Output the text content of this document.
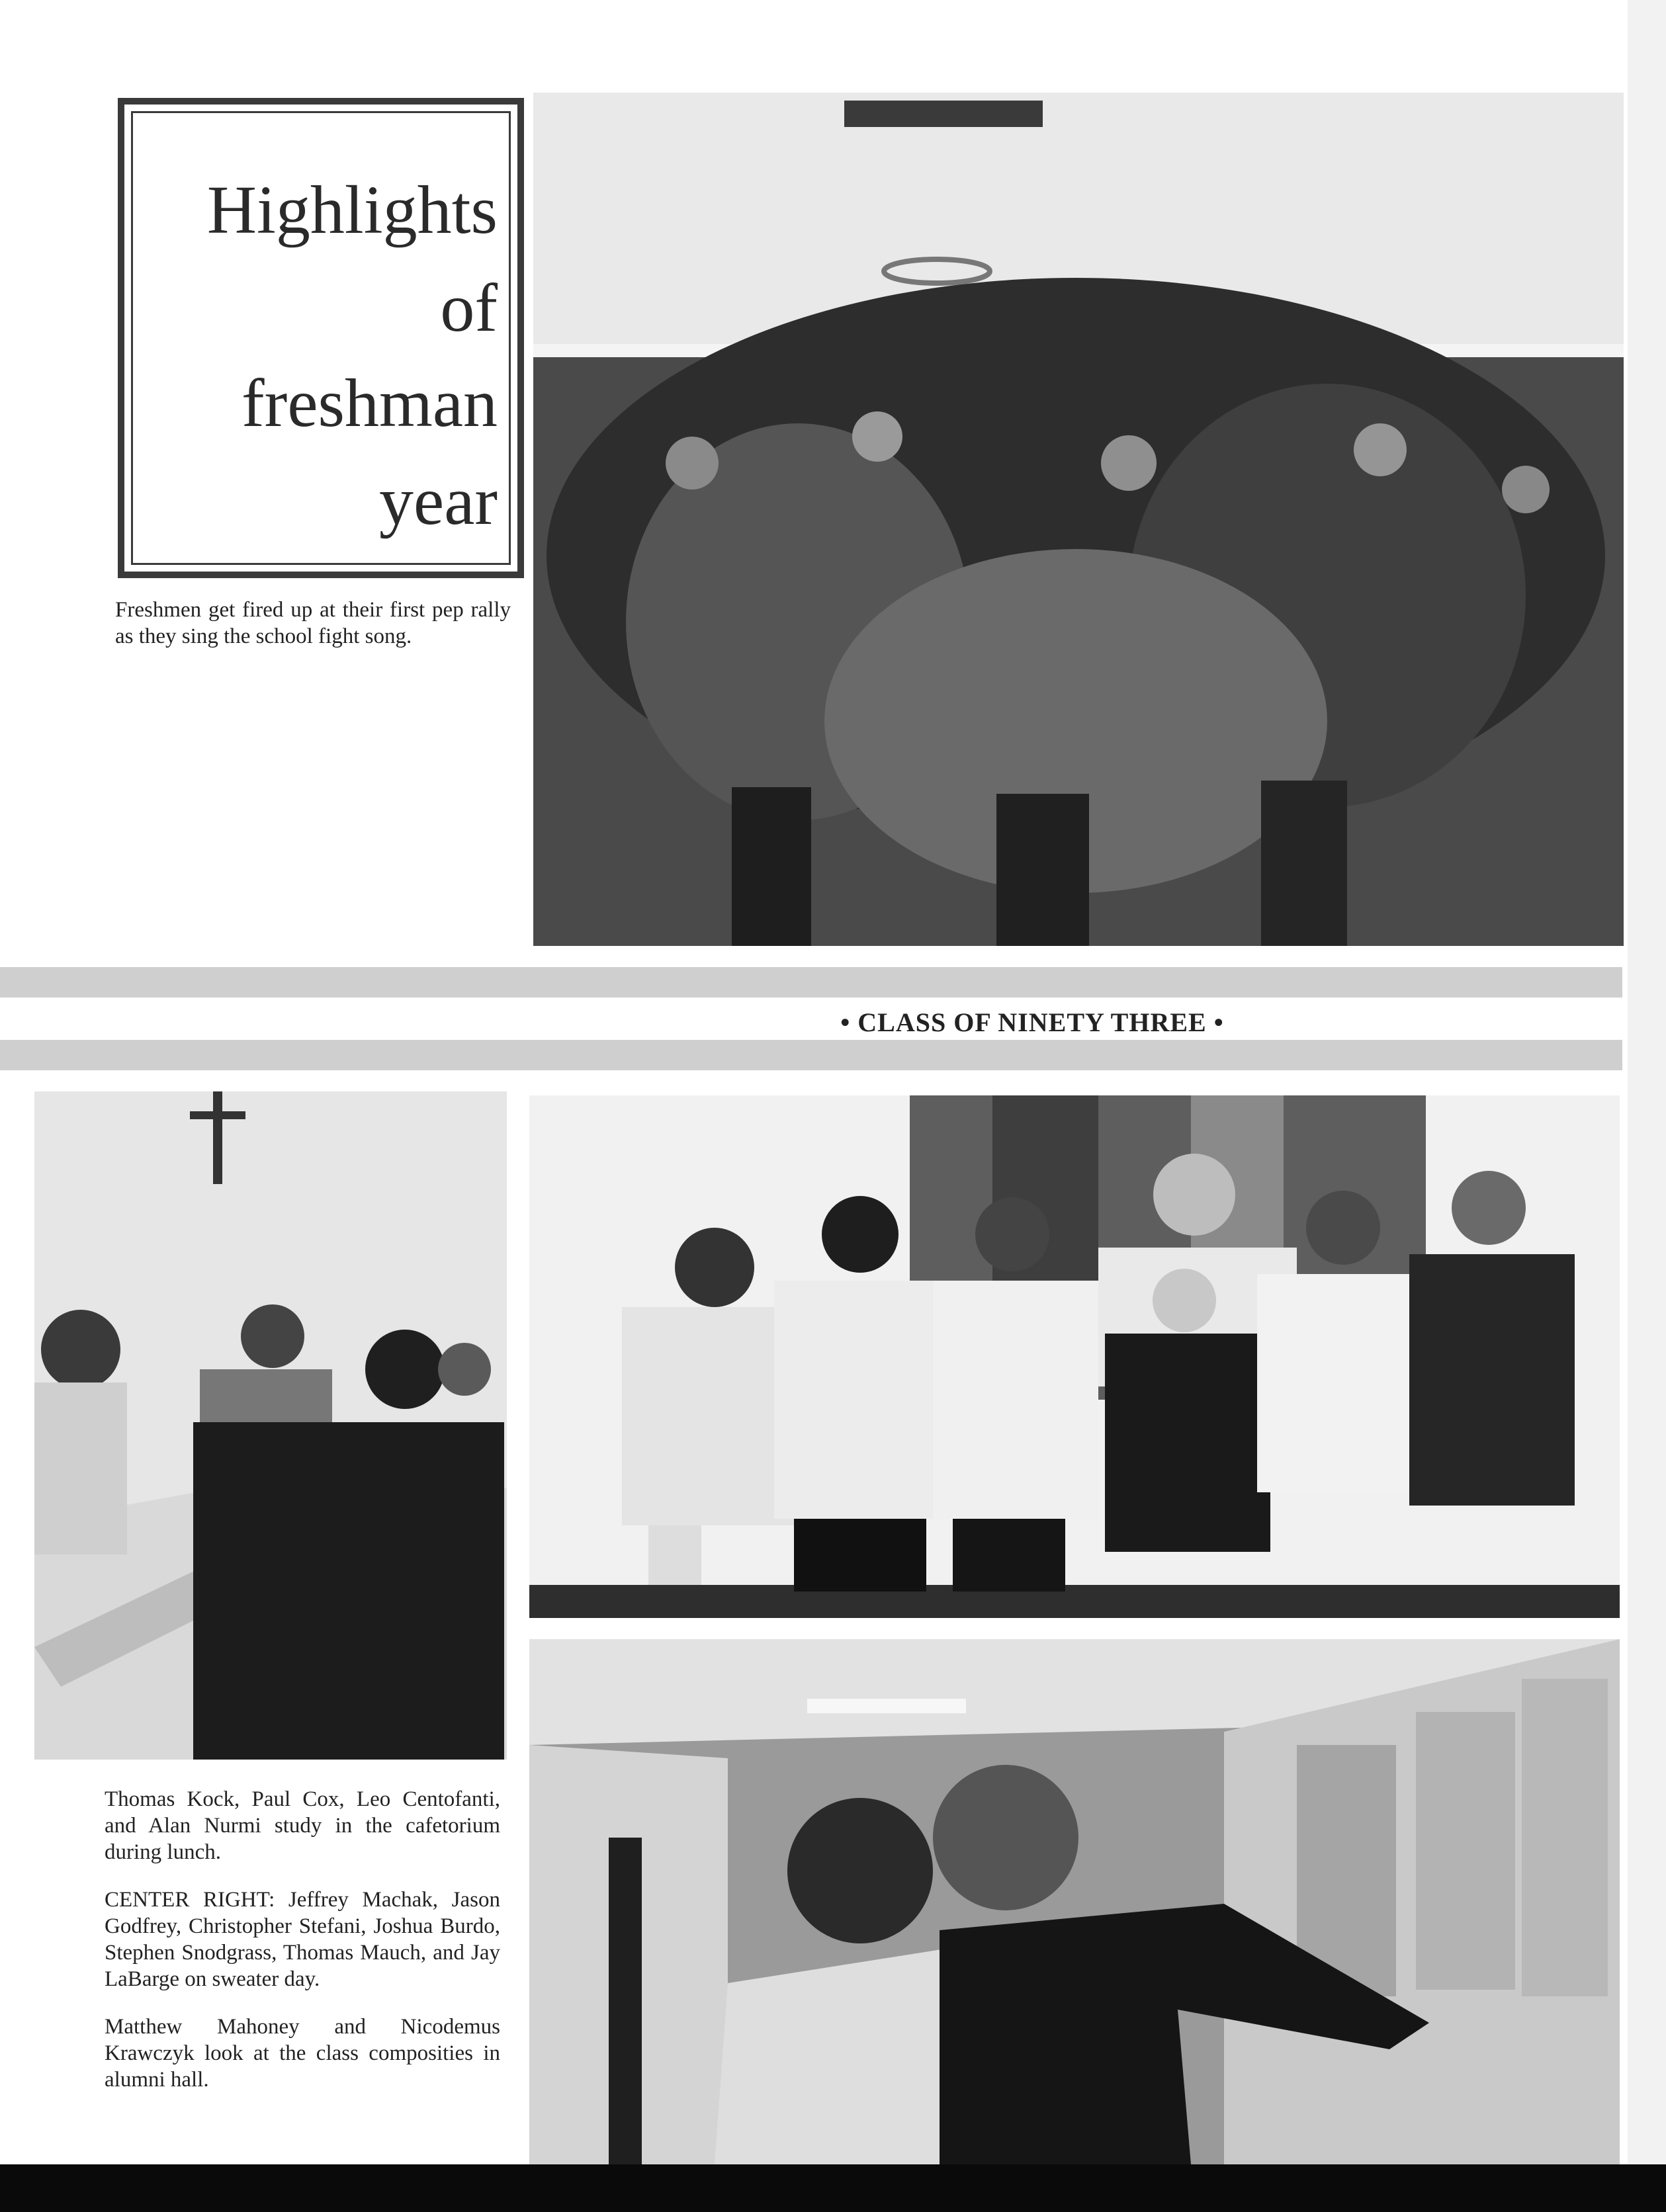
Highlights
of
freshman
year
Freshmen get fired up at their first pep rally as they sing the school fight song.
• CLASS OF NINETY THREE •
Thomas Kock, Paul Cox, Leo Centofanti, and Alan Nurmi study in the cafetorium during lunch.
CENTER RIGHT: Jeffrey Machak, Jason Godfrey, Christopher Stefani, Joshua Burdo, Stephen Snodgrass, Thomas Mauch, and Jay LaBarge on sweater day.
Matthew Mahoney and Nicodemus Krawczyk look at the class composities in alumni hall.
